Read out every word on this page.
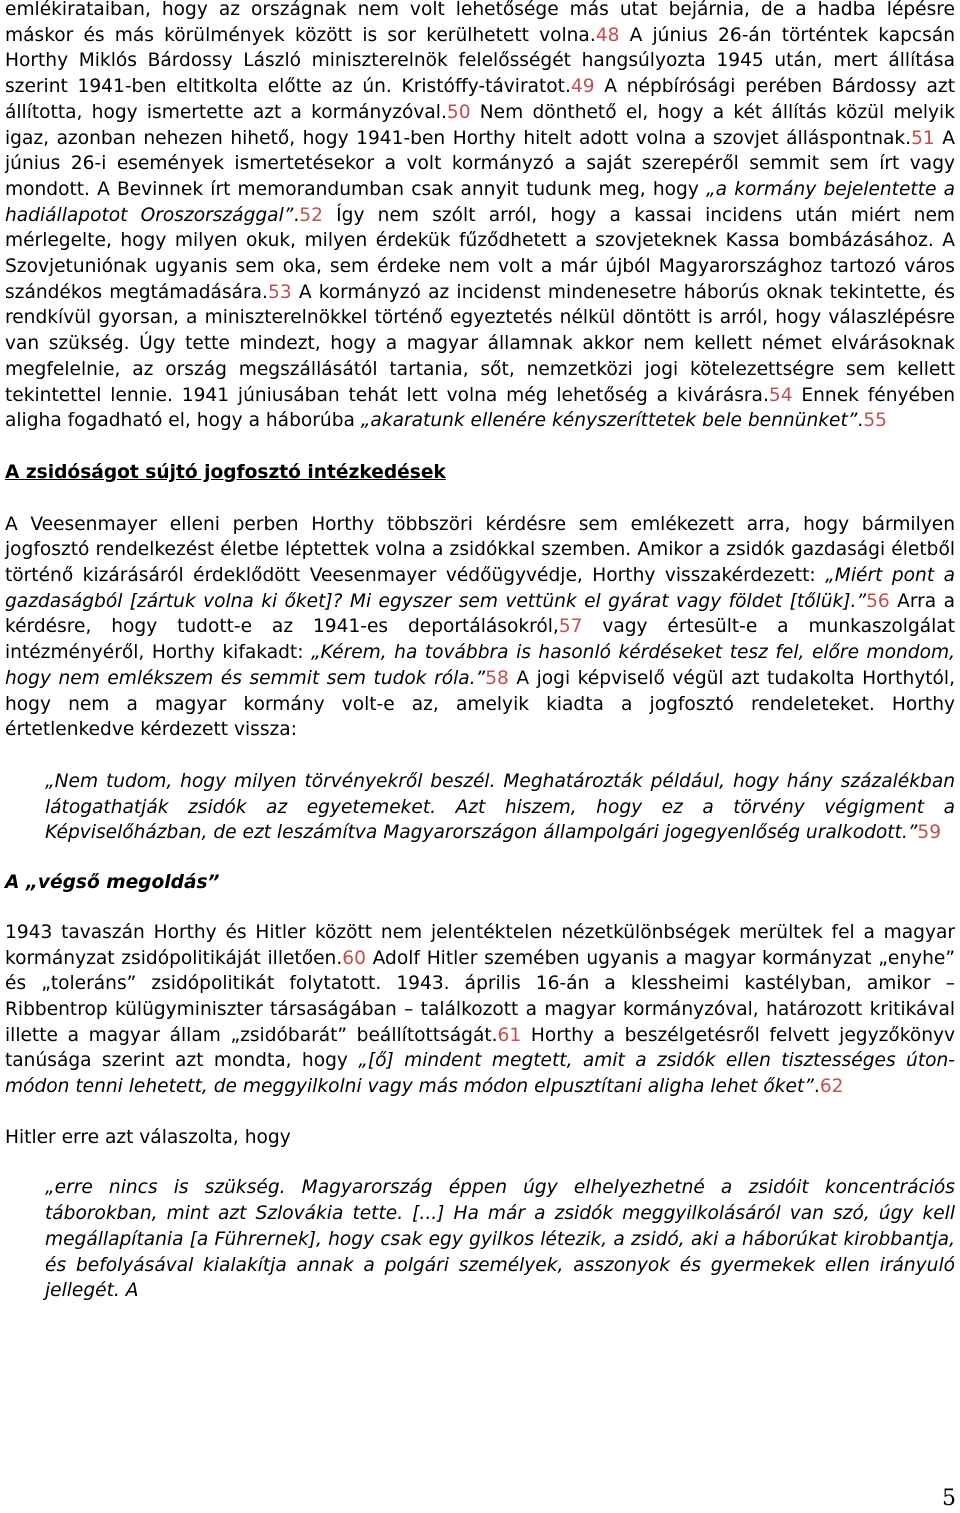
emlékirataiban, hogy az országnak nem volt lehetősége más utat bejárnia, de a hadba lépésre máskor és más körülmények között is sor kerülhetett volna.48 A június 26-án történtek kapcsán Horthy Miklós Bárdossy László miniszterelnök felelősségét hangsúlyozta 1945 után, mert állítása szerint 1941-ben eltitkolta előtte az ún. Kristóffy-táviratot.49 A népbírósági perében Bárdossy azt állította, hogy ismertette azt a kormányzóval.50 Nem dönthető el, hogy a két állítás közül melyik igaz, azonban nehezen hihető, hogy 1941-ben Horthy hitelt adott volna a szovjet álláspontnak.51 A június 26-i események ismertetésekor a volt kormányzó a saját szerepéről semmit sem írt vagy mondott. A Bevinnek írt memorandumban csak annyit tudunk meg, hogy „a kormány bejelentette a hadiállapotot Oroszországgal”.52 Így nem szólt arról, hogy a kassai incidens után miért nem mérlegelte, hogy milyen okuk, milyen érdekük fűződhetett a szovjeteknek Kassa bombázásához. A Szovjetuniónak ugyanis sem oka, sem érdeke nem volt a már újból Magyarországhoz tartozó város szándékos megtámadására.53 A kormányzó az incidenst mindenesetre háborús oknak tekintette, és rendkívül gyorsan, a miniszterelnökkel történő egyeztetés nélkül döntött is arról, hogy válaszlépésre van szükség. Úgy tette mindezt, hogy a magyar államnak akkor nem kellett német elvárásoknak megfelelnie, az ország megszállásától tartania, sőt, nemzetközi jogi kötelezettségre sem kellett tekintettel lennie. 1941 júniusában tehát lett volna még lehetőség a kivárásra.54 Ennek fényében aligha fogadható el, hogy a háborúba „akaratunk ellenére kényszeríttetek bele bennünket”.55

A zsidóságot sújtó jogfosztó intézkedések

A Veesenmayer elleni perben Horthy többszöri kérdésre sem emlékezett arra, hogy bármilyen jogfosztó rendelkezést életbe léptettek volna a zsidókkal szemben. Amikor a zsidók gazdasági életből történő kizárásáról érdeklődött Veesenmayer védőügyvédje, Horthy visszakérdezett: „Miért pont a gazdaságból [zártuk volna ki őket]? Mi egyszer sem vettünk el gyárat vagy földet [tőlük].”56 Arra a kérdésre, hogy tudott-e az 1941-es deportálásokról,57 vagy értesült-e a munkaszolgálat intézményéről, Horthy kifakadt: „Kérem, ha továbbra is hasonló kérdéseket tesz fel, előre mondom, hogy nem emlékszem és semmit sem tudok róla.”58 A jogi képviselő végül azt tudakolta Horthytól, hogy nem a magyar kormány volt-e az, amelyik kiadta a jogfosztó rendeleteket. Horthy értetlenkedve kérdezett vissza:

„Nem tudom, hogy milyen törvényekről beszél. Meghatározták például, hogy hány százalékban látogathatják zsidók az egyetemeket. Azt hiszem, hogy ez a törvény végigment a Képviselőházban, de ezt leszámítva Magyarországon állampolgári jogegyenlőség uralkodott.”59

A „végső megoldás”

1943 tavaszán Horthy és Hitler között nem jelentéktelen nézetkülönbségek merültek fel a magyar kormányzat zsidópolitikáját illetően.60 Adolf Hitler szemében ugyanis a magyar kormányzat „enyhe” és „toleráns” zsidópolitikát folytatott. 1943. április 16-án a klessheimi kastélyban, amikor – Ribbentrop külügyminiszter társaságában – találkozott a magyar kormányzóval, határozott kritikával illette a magyar állam „zsidóbarát” beállítottságát.61 Horthy a beszélgetésről felvett jegyzőkönyv tanúsága szerint azt mondta, hogy „[ő] mindent megtett, amit a zsidók ellen tisztességes úton-módon tenni lehetett, de meggyilkolni vagy más módon elpusztítani aligha lehet őket”.62

Hitler erre azt válaszolta, hogy

„erre nincs is szükség. Magyarország éppen úgy elhelyezhetné a zsidóit koncentrációs táborokban, mint azt Szlovákia tette. [...] Ha már a zsidók meggyilkolásáról van szó, úgy kell megállapítania [a Führernek], hogy csak egy gyilkos létezik, a zsidó, aki a háborúkat kirobbantja, és befolyásával kialakítja annak a polgári személyek, asszonyok és gyermekek ellen irányuló jellegét. A

5
